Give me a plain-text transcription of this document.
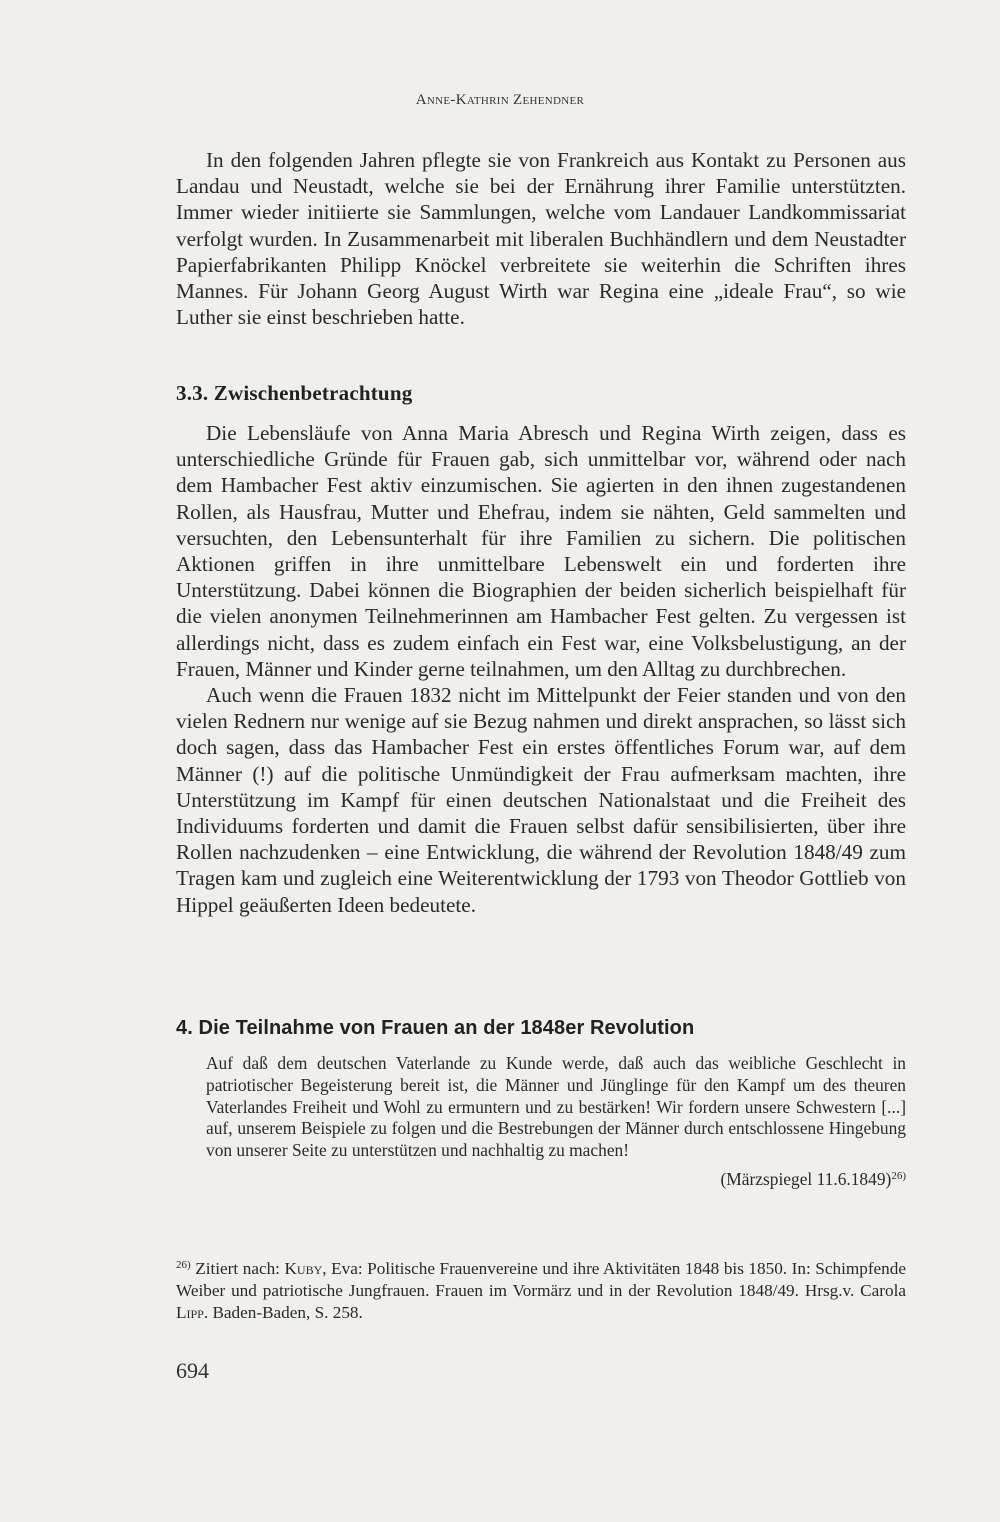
Anne-Kathrin Zehendner

In den folgenden Jahren pflegte sie von Frankreich aus Kontakt zu Personen aus Landau und Neustadt, welche sie bei der Ernährung ihrer Familie unterstützten. Immer wieder initiierte sie Sammlungen, welche vom Landauer Landkommissariat verfolgt wurden. In Zusammenarbeit mit liberalen Buchhändlern und dem Neustadter Papierfabrikanten Philipp Knöckel verbreitete sie weiterhin die Schriften ihres Mannes. Für Johann Georg August Wirth war Regina eine „ideale Frau“, so wie Luther sie einst beschrieben hatte.

3.3. Zwischenbetrachtung

Die Lebensläufe von Anna Maria Abresch und Regina Wirth zeigen, dass es unterschiedliche Gründe für Frauen gab, sich unmittelbar vor, während oder nach dem Hambacher Fest aktiv einzumischen. Sie agierten in den ihnen zugestandenen Rollen, als Hausfrau, Mutter und Ehefrau, indem sie nähten, Geld sammelten und versuchten, den Lebensunterhalt für ihre Familien zu sichern. Die politischen Aktionen griffen in ihre unmittelbare Lebenswelt ein und forderten ihre Unterstützung. Dabei können die Biographien der beiden sicherlich beispielhaft für die vielen anonymen Teilnehmerinnen am Hambacher Fest gelten. Zu vergessen ist allerdings nicht, dass es zudem einfach ein Fest war, eine Volksbelustigung, an der Frauen, Männer und Kinder gerne teilnahmen, um den Alltag zu durchbrechen.

Auch wenn die Frauen 1832 nicht im Mittelpunkt der Feier standen und von den vielen Rednern nur wenige auf sie Bezug nahmen und direkt ansprachen, so lässt sich doch sagen, dass das Hambacher Fest ein erstes öffentliches Forum war, auf dem Männer (!) auf die politische Unmündigkeit der Frau aufmerksam machten, ihre Unterstützung im Kampf für einen deutschen Nationalstaat und die Freiheit des Individuums forderten und damit die Frauen selbst dafür sensibilisierten, über ihre Rollen nachzudenken – eine Entwicklung, die während der Revolution 1848/49 zum Tragen kam und zugleich eine Weiterentwicklung der 1793 von Theodor Gottlieb von Hippel geäußerten Ideen bedeutete.

4. Die Teilnahme von Frauen an der 1848er Revolution

Auf daß dem deutschen Vaterlande zu Kunde werde, daß auch das weibliche Geschlecht in patriotischer Begeisterung bereit ist, die Männer und Jünglinge für den Kampf um des theuren Vaterlandes Freiheit und Wohl zu ermuntern und zu bestärken! Wir fordern unsere Schwestern [...] auf, unserem Beispiele zu folgen und die Bestrebungen der Männer durch entschlossene Hingebung von unserer Seite zu unterstützen und nachhaltig zu machen!

(Märzspiegel 11.6.1849)$^{26)}$
$^{26)}$ Zitiert nach: Kuby, Eva: Politische Frauenvereine und ihre Aktivitäten 1848 bis 1850. In: Schimpfende Weiber und patriotische Jungfrauen. Frauen im Vormärz und in der Revolution 1848/49. Hrsg.v. Carola Lipp. Baden-Baden, S. 258.
694
